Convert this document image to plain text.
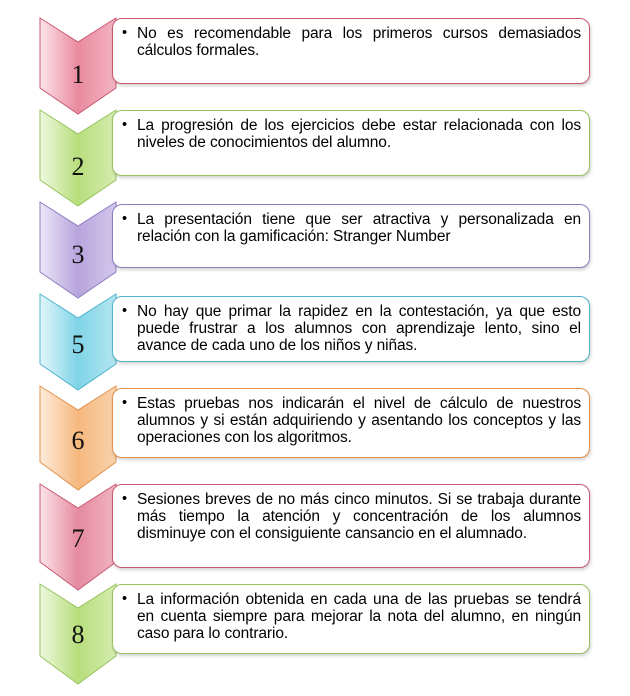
1
• No es recomendable para los primeros cursos demasiados cálculos formales.
2
• La progresión de los ejercicios debe estar relacionada con los niveles de conocimientos del alumno.
3
• La presentación tiene que ser atractiva y personalizada en relación con la gamificación: Stranger Number
5
• No hay que primar la rapidez en la contestación, ya que esto puede frustrar a los alumnos con aprendizaje lento, sino el avance de cada uno de los niños y niñas.
6
• Estas pruebas nos indicarán el nivel de cálculo de nuestros alumnos y si están adquiriendo y asentando los conceptos y las operaciones con los algoritmos.
7
• Sesiones breves de no más cinco minutos. Si se trabaja durante más tiempo la atención y concentración de los alumnos disminuye con el consiguiente cansancio en el alumnado.
8
• La información obtenida en cada una de las pruebas se tendrá en cuenta siempre para mejorar la nota del alumno, en ningún caso para lo contrario.
